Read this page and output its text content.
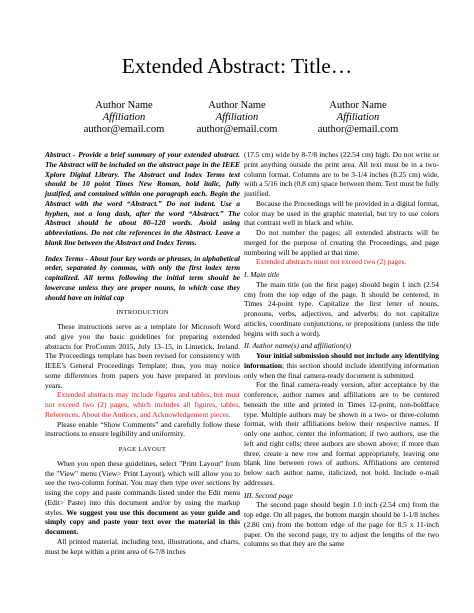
Extended Abstract: Title…
Author Name
Affiliation
author@email.com
Author Name
Affiliation
author@email.com
Author Name
Affiliation
author@email.com

Abstract - Provide a brief summary of your extended abstract. The Abstract will be included on the abstract page in the IEEE Xplore Digital Library. The Abstract and Index Terms text should be 10 point Times New Roman, bold italic, fully justified, and contained within one paragraph each. Begin the Abstract with the word “Abstract.” Do not indent. Use a hyphen, not a long dash, after the word “Abstract.” The Abstract should be about 80–120 words. Avoid using abbreviations. Do not cite references in the Abstract. Leave a blank line between the Abstract and Index Terms.

Index Terms - About four key words or phrases, in alphabetical order, separated by commas, with only the first index term capitalized. All terms following the initial term should be lowercase unless they are proper nouns, in which case they should have an initial cap

INTRODUCTION

These instructions serve as a template for Microsoft Word and give you the basic guidelines for preparing extended abstracts for ProComm 2015, July 13–15, in Limerick, Ireland. The Proceedings template has been revised for consistency with IEEE’s General Proceedings Template; thus, you may notice some differences from papers you have prepared in previous years.

Extended abstracts may include figures and tables, but must not exceed two (2) pages, which includes all figures, tables, References, About the Authors, and Acknowledgement pieces.

Please enable “Show Comments” and carefully follow these instructions to ensure legibility and uniformity.

PAGE LAYOUT

When you open these guidelines, select "Print Layout" from the "View" menu (View> Print Layout), which will allow you to see the two-column format. You may then type over sections by using the copy and paste commands listed under the Edit menu (Edit> Paste) into this document and/or by using the markup styles. We suggest you use this document as your guide and simply copy and paste your text over the material in this document.

All printed material, including text, illustrations, and charts, must be kept within a print area of 6-7/8 inches

(17.5 cm) wide by 8-7/8 inches (22.54 cm) high. Do not write or print anything outside the print area. All text must be in a two-column format. Columns are to be 3-1/4 inches (8.25 cm) wide, with a 5/16 inch (0.8 cm) space between them. Text must be fully justified.

Because the Proceedings will be provided in a digital format, color may be used in the graphic material, but try to use colors that contrast well in black and white.

Do not number the pages; all extended abstracts will be merged for the purpose of creating the Proceedings, and page numbering will be applied at that time.

Extended abstracts must not exceed two (2) pages.

I. Main title

The main title (on the first page) should begin 1 inch (2.54 cm) from the top edge of the page. It should be centered, in Times 24-point type. Capitalize the first letter of nouns, pronouns, verbs, adjectives, and adverbs; do not capitalize articles, coordinate conjunctions, or prepositions (unless the title begins with such a word).

II. Author name(s) and affiliation(s)

Your initial submission should not include any identifying information; this section should include identifying information only when the final camera-ready document is submitted.

For the final camera-ready version, after acceptance by the conference, author names and affiliations are to be centered beneath the title and printed in Times 12-point, non-boldface type. Multiple authors may be shown in a two- or three-column format, with their affiliations below their respective names. If only one author, center the information; if two authors, use the left and right cells; three authors are shown above; if more than three, create a new row and format appropriately, leaving one blank line between rows of authors. Affiliations are centered below each author name, italicized, not bold. Include e-mail addresses.

III. Second page

The second page should begin 1.0 inch (2.54 cm) from the top edge. On all pages, the bottom margin should be 1-1/8 inches (2.86 cm) from the bottom edge of the page for 8.5 x 11-inch paper. On the second page, try to adjust the lengths of the two columns so that they are the same
